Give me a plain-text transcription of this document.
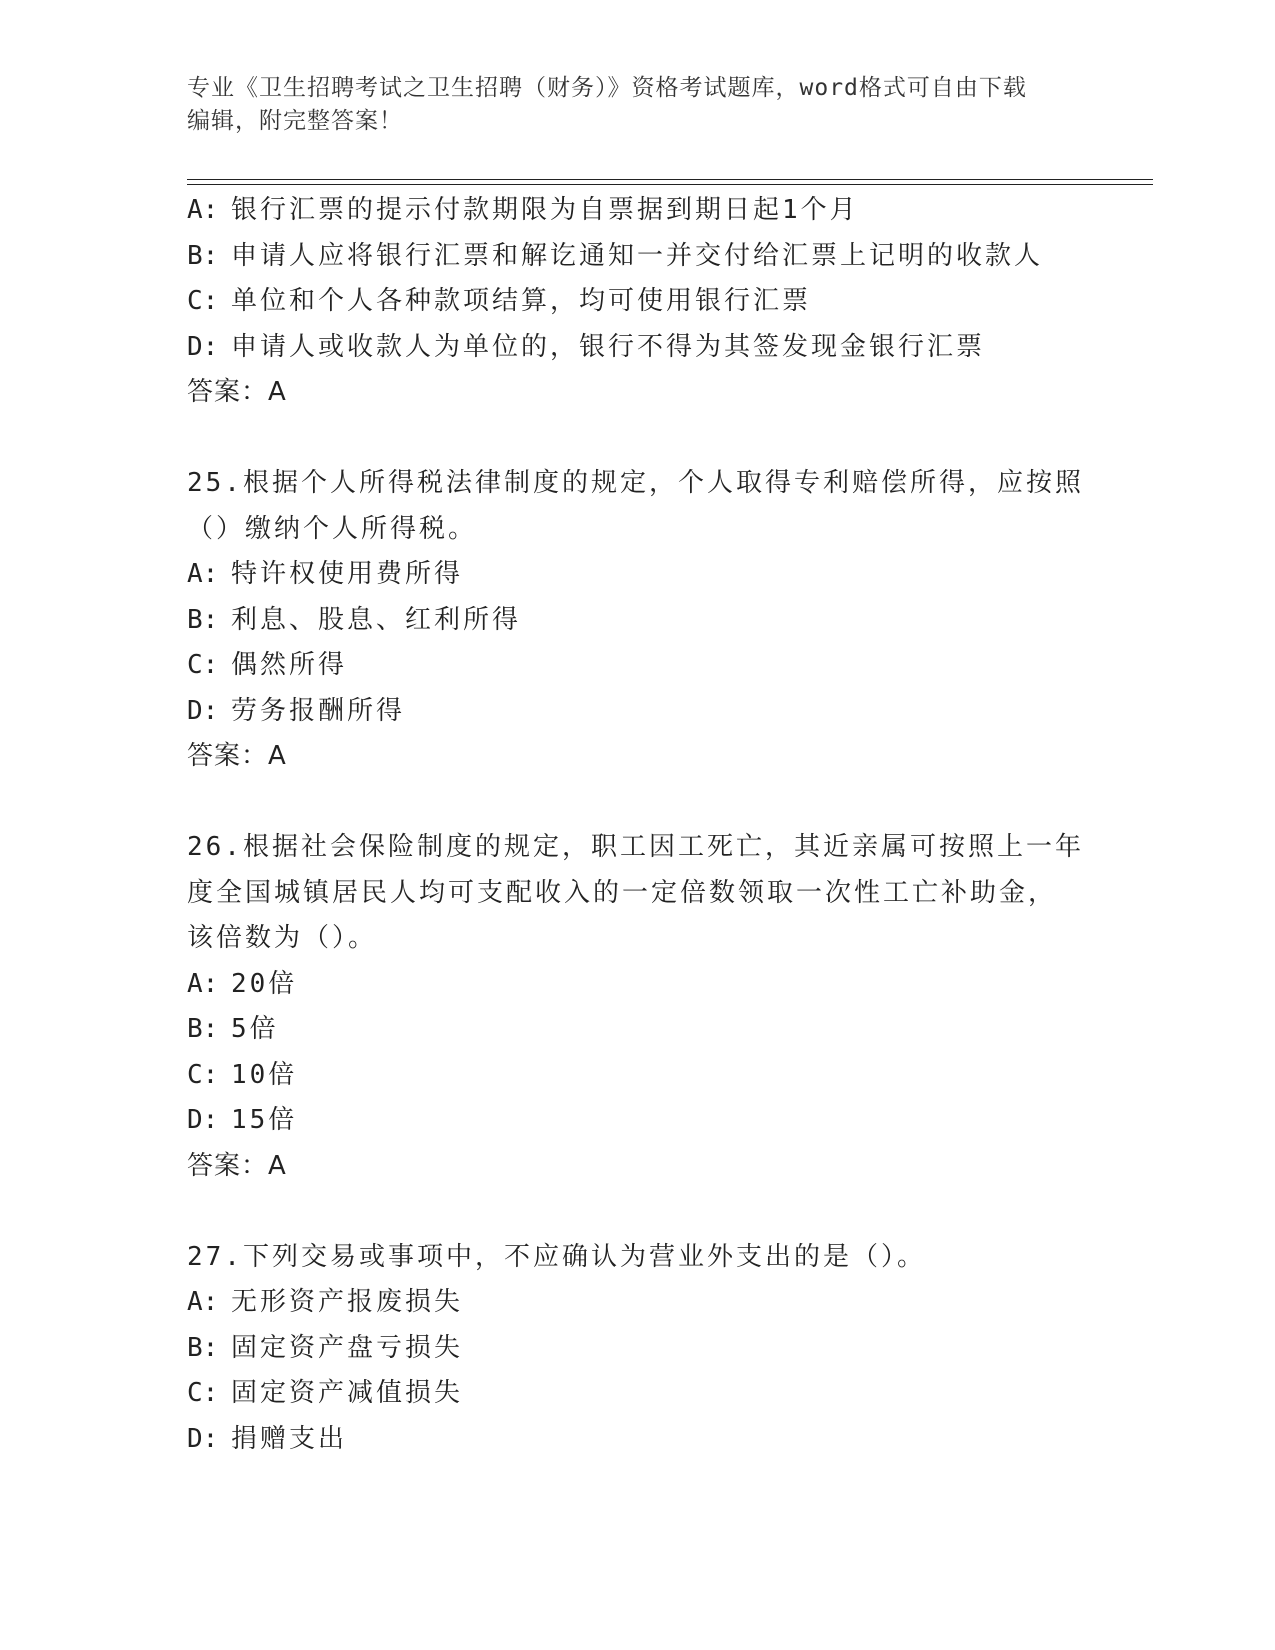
专业《卫生招聘考试之卫生招聘（财务）》资格考试题库，word格式可自由下载
编辑，附完整答案！
A: 银行汇票的提示付款期限为自票据到期日起1个月
B: 申请人应将银行汇票和解讫通知一并交付给汇票上记明的收款人
C: 单位和个人各种款项结算，均可使用银行汇票
D: 申请人或收款人为单位的，银行不得为其签发现金银行汇票
答案：A
25.根据个人所得税法律制度的规定，个人取得专利赔偿所得，应按照
（）缴纳个人所得税。
A: 特许权使用费所得
B: 利息、股息、红利所得
C: 偶然所得
D: 劳务报酬所得
答案：A
26.根据社会保险制度的规定，职工因工死亡，其近亲属可按照上一年
度全国城镇居民人均可支配收入的一定倍数领取一次性工亡补助金，
该倍数为（）。
A: 20倍
B: 5倍
C: 10倍
D: 15倍
答案：A
27.下列交易或事项中，不应确认为营业外支出的是（）。
A: 无形资产报废损失
B: 固定资产盘亏损失
C: 固定资产减值损失
D: 捐赠支出
